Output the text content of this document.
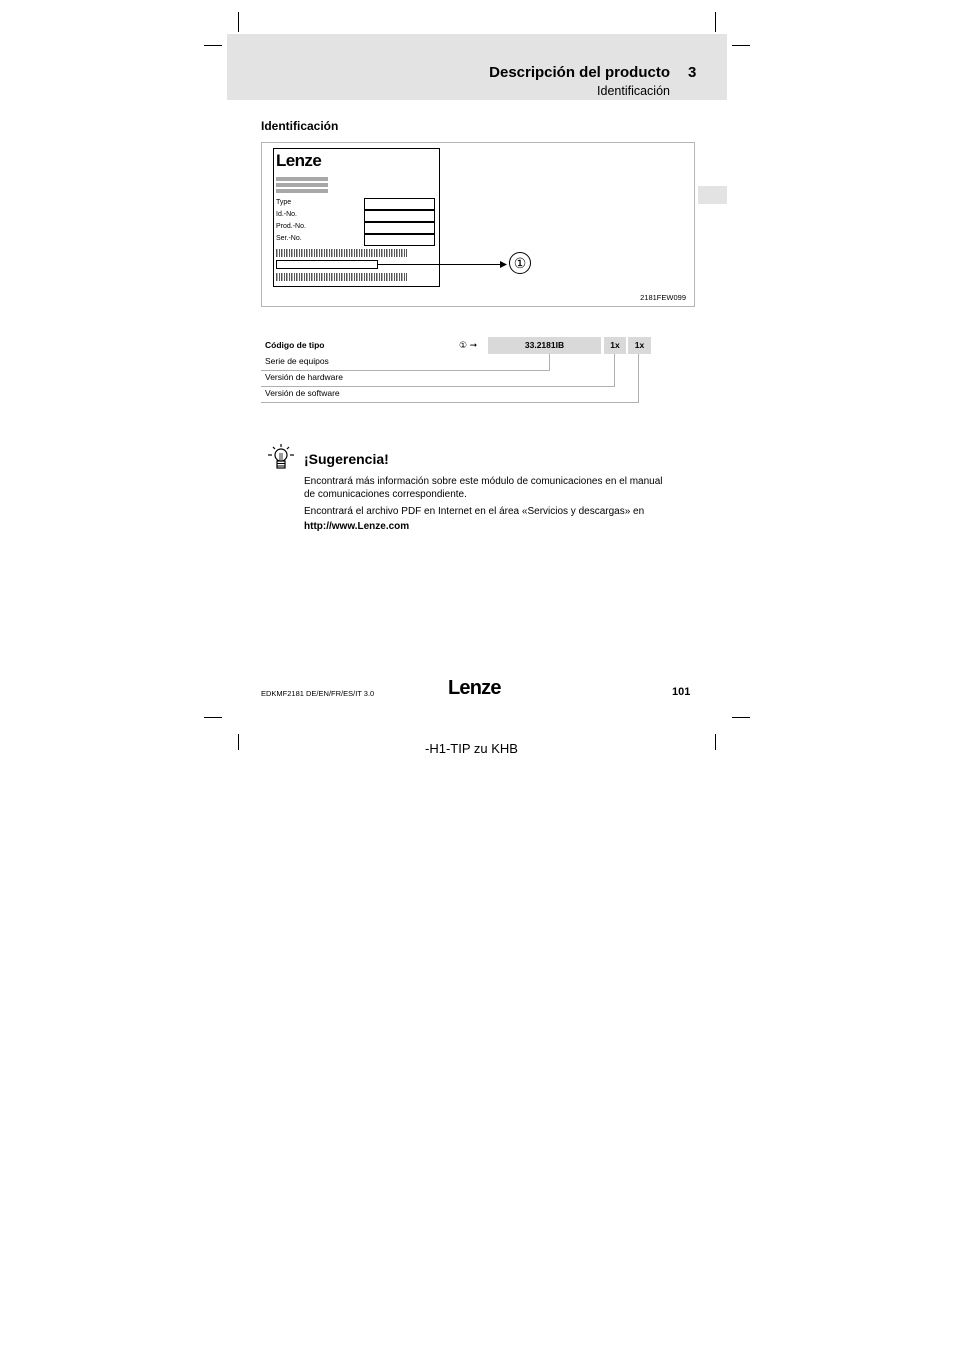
Descripción del producto 3
Identificación
Identificación
Lenze
Type
Id.-No.
Prod.-No.
Ser.-No.
①
2181FEW099
Código de tipo	① ➞	33.2181IB	1x	1x
Serie de equipos
Versión de hardware
Versión de software
¡Sugerencia!
Encontrará más información sobre este módulo de comunicaciones en el manual de comunicaciones correspondiente.
Encontrará el archivo PDF en Internet en el área «Servicios y descargas» en
http://www.Lenze.com
EDKMF2181 DE/EN/FR/ES/IT 3.0	Lenze	101
-H1-TIP zu KHB
